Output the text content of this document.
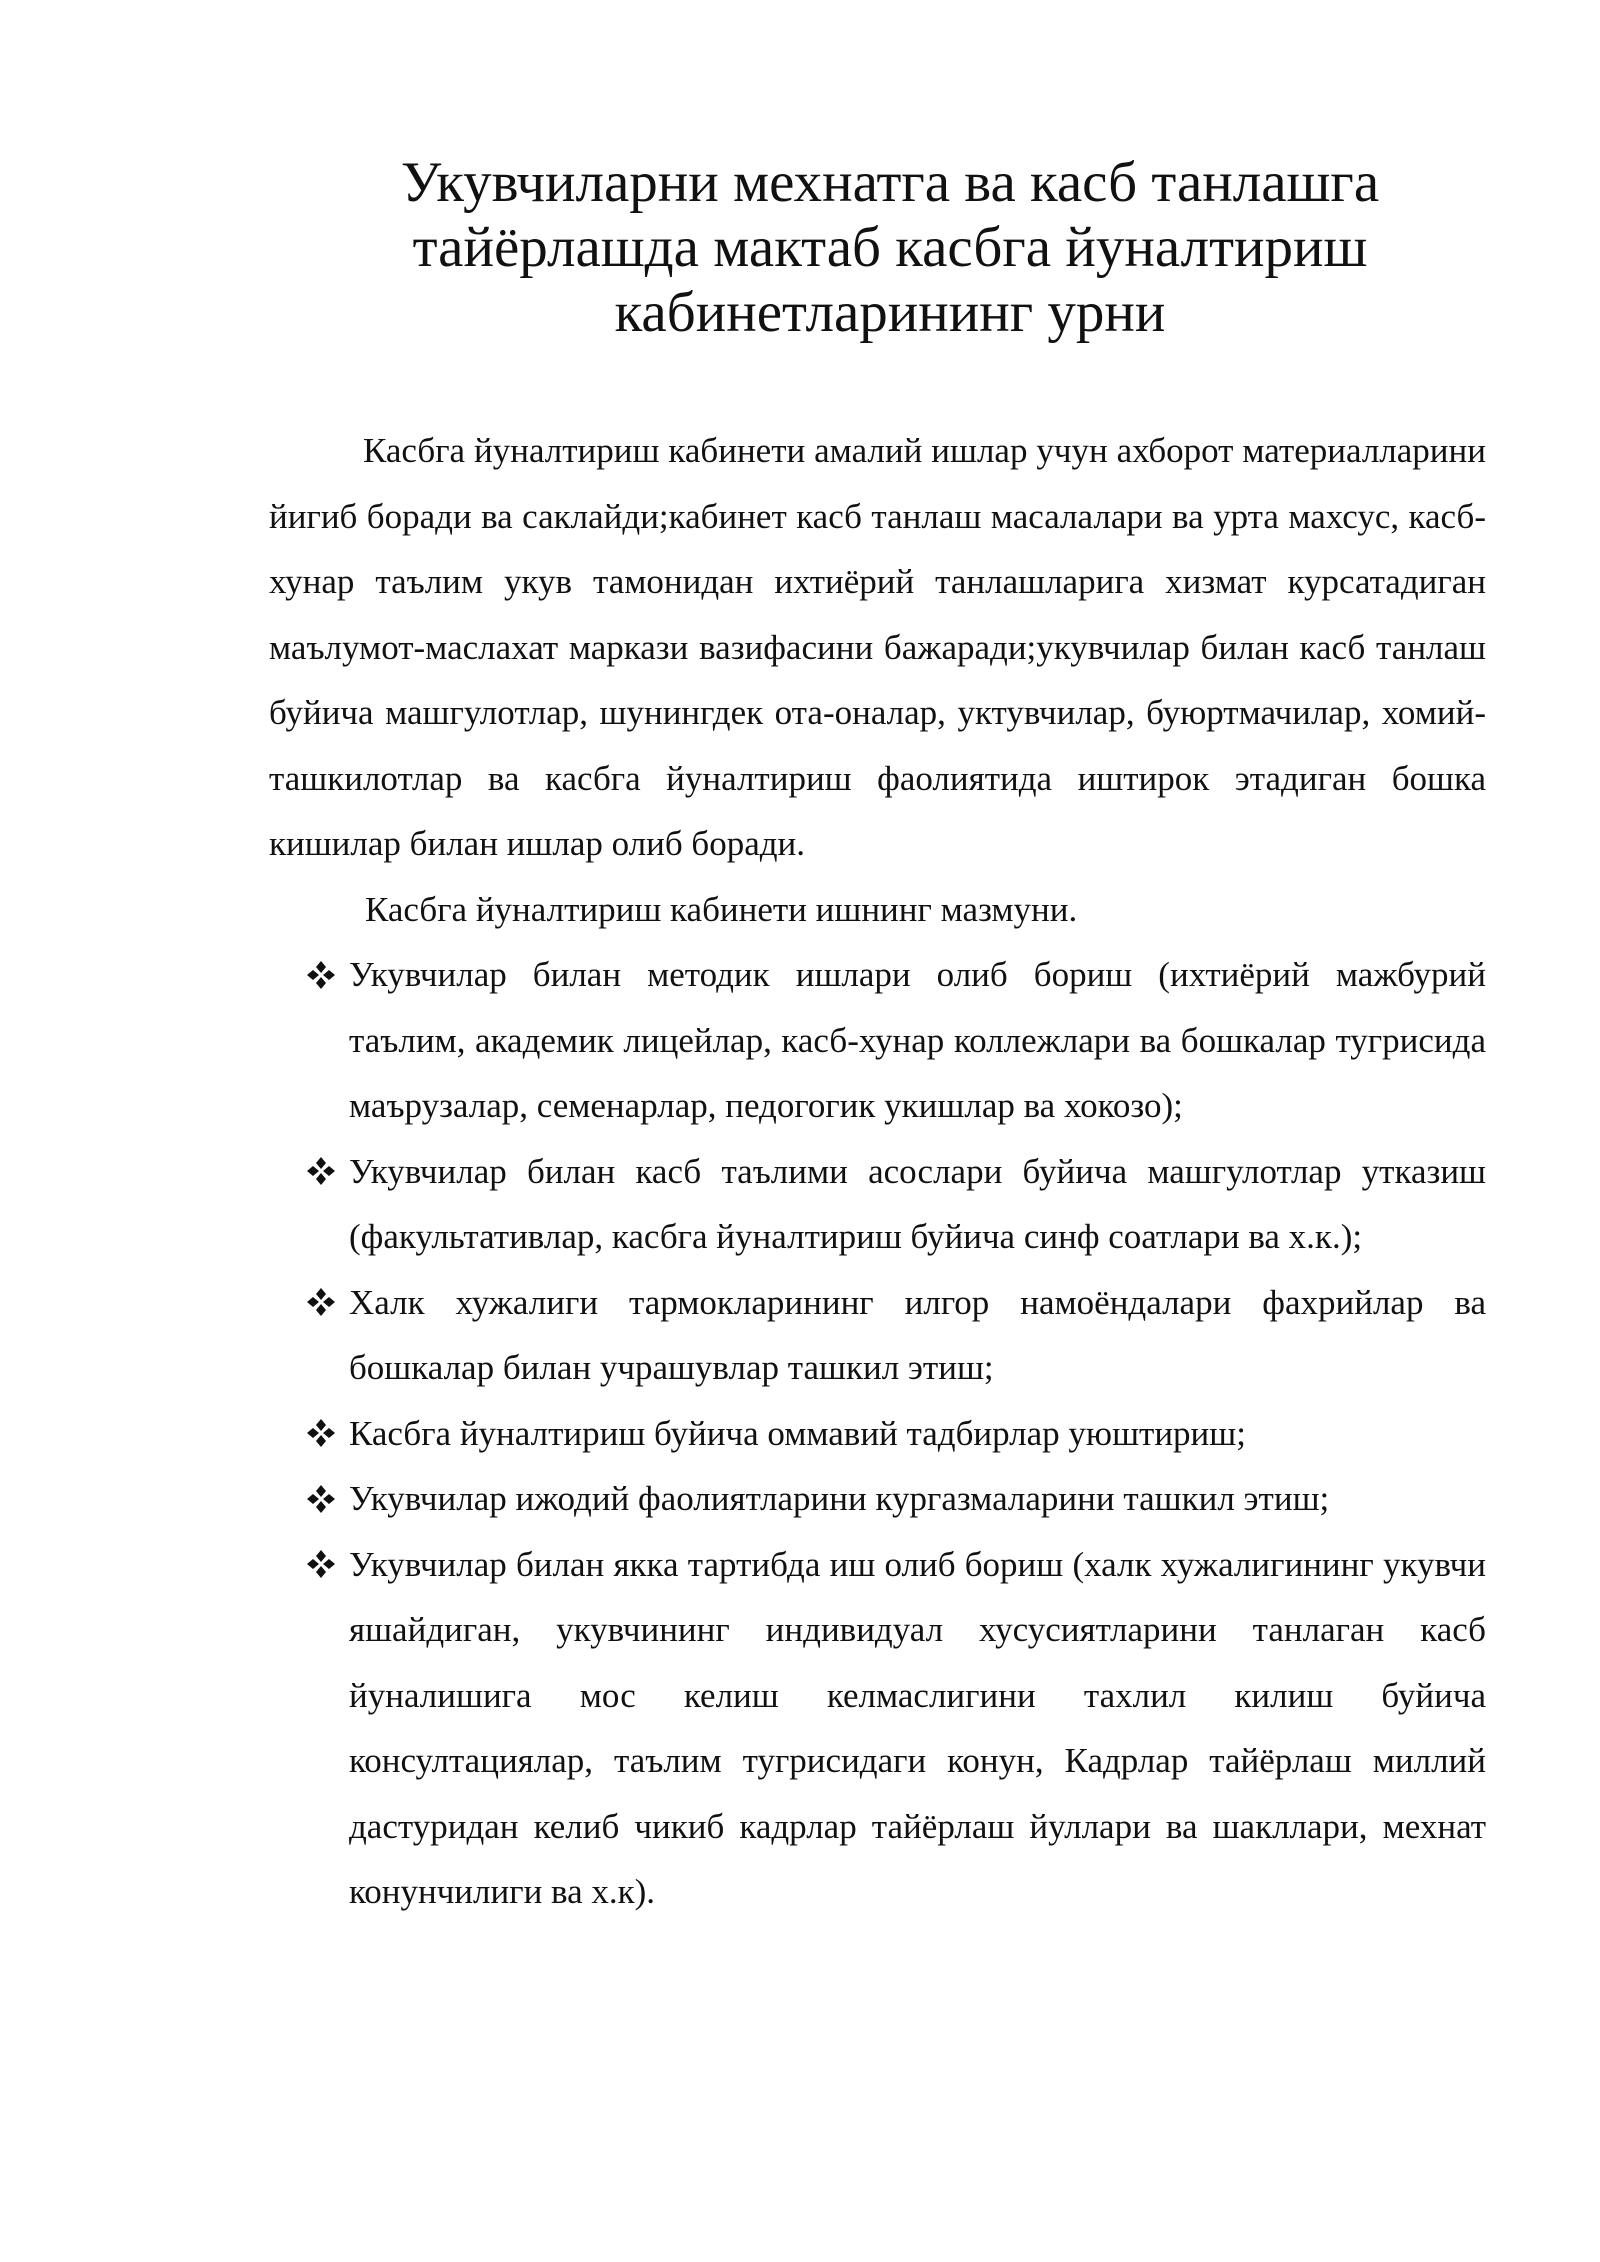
Укувчиларни мехнатга ва касб танлашга
тайёрлашда мактаб касбга йуналтириш
кабинетларининг урни

Касбга йуналтириш кабинети амалий ишлар учун ахборот материалларини йигиб боради ва саклайди;кабинет касб танлаш масалалари ва урта махсус, касб-хунар таълим укув тамонидан ихтиёрий танлашларига хизмат курсатадиган маълумот-маслахат маркази вазифасини бажаради;укувчилар билан касб танлаш буйича машгулотлар, шунингдек ота-оналар, уктувчилар, буюртмачилар, хомий-ташкилотлар ва касбга йуналтириш фаолиятида иштирок этадиган бошка кишилар билан ишлар олиб боради.

Касбга йуналтириш кабинети ишнинг мазмуни.

Укувчилар билан методик ишлари олиб бориш (ихтиёрий мажбурий таълим, академик лицейлар, касб-хунар коллежлари ва бошкалар тугрисида маърузалар, семенарлар, педогогик укишлар ва хокозо);
Укувчилар билан касб таълими асослари буйича машгулотлар утказиш (факультативлар, касбга йуналтириш буйича синф соатлари ва х.к.);
Халк хужалиги тармокларининг илгор намоёндалари фахрийлар ва бошкалар билан учрашувлар ташкил этиш;
Касбга йуналтириш буйича оммавий тадбирлар уюштириш;
Укувчилар ижодий фаолиятларини кургазмаларини ташкил этиш;
Укувчилар билан якка тартибда иш олиб бориш (халк хужалигининг укувчи яшайдиган, укувчининг индивидуал хусусиятларини танлаган касб йуналишига мос келиш келмаслигини тахлил килиш буйича консултациялар, таълим тугрисидаги конун, Кадрлар тайёрлаш миллий дастуридан келиб чикиб кадрлар тайёрлаш йуллари ва шакллари, мехнат конунчилиги ва х.к).
